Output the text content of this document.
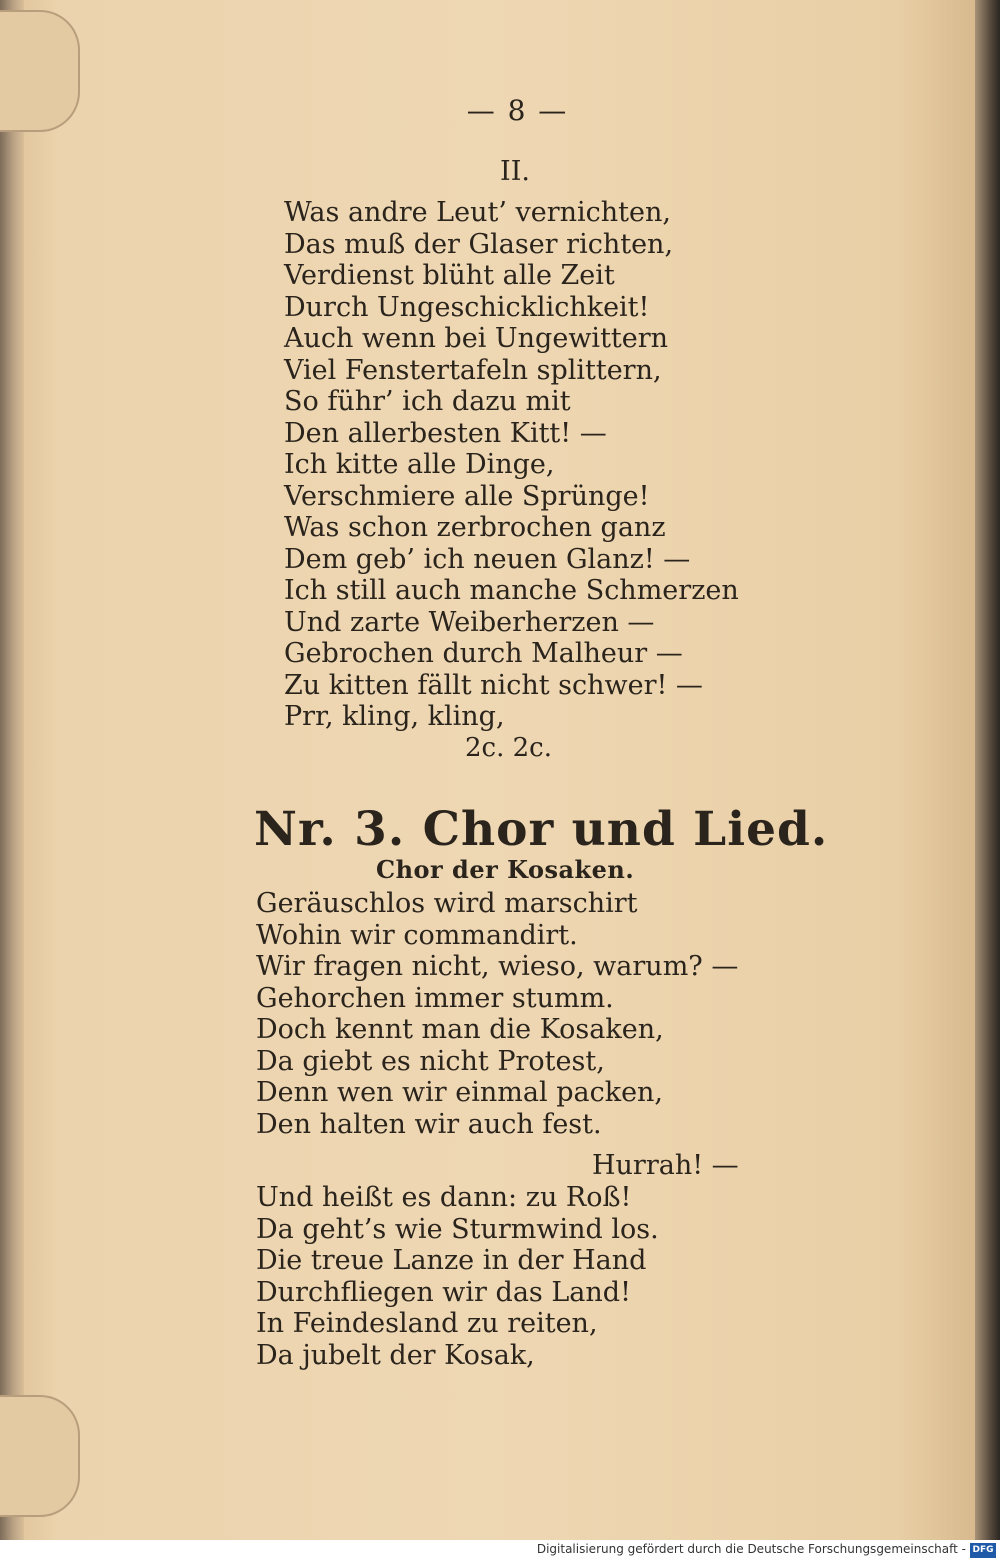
— 8 —
II.
Was andre Leut’ vernichten,
Das muß der Glaser richten,
Verdienst blüht alle Zeit
Durch Ungeschicklichkeit!
Auch wenn bei Ungewittern
Viel Fenstertafeln splittern,
So führ’ ich dazu mit
Den allerbesten Kitt! —
Ich kitte alle Dinge,
Verschmiere alle Sprünge!
Was schon zerbrochen ganz
Dem geb’ ich neuen Glanz! —
Ich still auch manche Schmerzen
Und zarte Weiberherzen —
Gebrochen durch Malheur —
Zu kitten fällt nicht schwer! —
Prr, kling, kling,
2c. 2c.
Nr. 3. Chor und Lied.
Chor der Kosaken.
Geräuschlos wird marschirt
Wohin wir commandirt.
Wir fragen nicht, wieso, warum? —
Gehorchen immer stumm.
Doch kennt man die Kosaken,
Da giebt es nicht Protest,
Denn wen wir einmal packen,
Den halten wir auch fest.
Hurrah! —
Und heißt es dann: zu Roß!
Da geht’s wie Sturmwind los.
Die treue Lanze in der Hand
Durchfliegen wir das Land!
In Feindesland zu reiten,
Da jubelt der Kosak,
Digitalisierung gefördert durch die Deutsche Forschungsgemeinschaft - DFG
